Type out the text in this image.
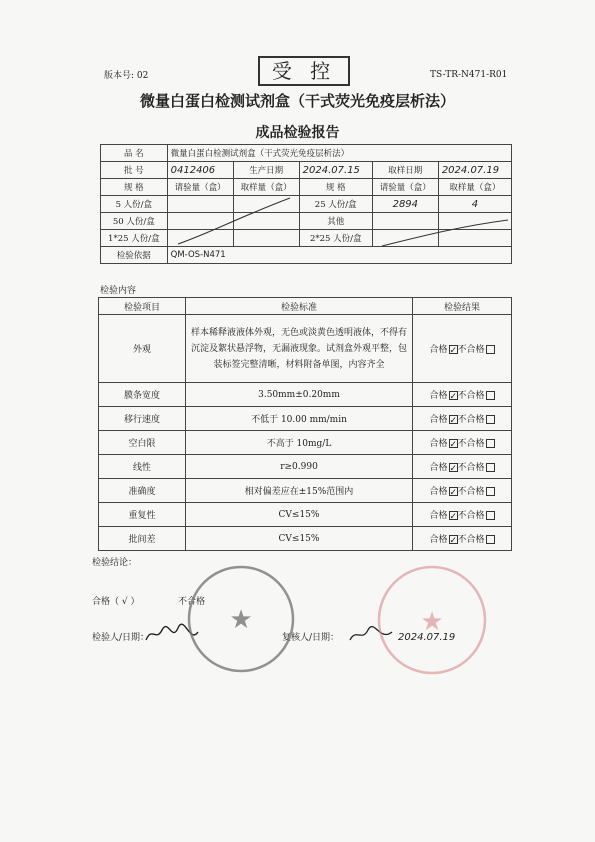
版本号: 02	受 控	TS-TR-N471-R01
微量白蛋白检测试剂盒（干式荧光免疫层析法）
成品检验报告
品 名	微量白蛋白检测试剂盒（干式荧光免疫层析法）				
批 号	0412406	生产日期	2024.07.15	取样日期	2024.07.19
规 格	请验量（盒）	取样量（盒）	规 格	请验量（盒）	取样量（盒）
5 人份/盒			25 人份/盒	2894	4
50 人份/盒			其他		
1*25 人份/盒			2*25 人份/盒		
检验依据	QM-OS-N471				
检验内容
检验项目	检验标准	检验结果
外观	样本稀释液液体外观，无色或淡黄色透明液体，不得有沉淀及絮状悬浮物，无漏液现象。试剂盒外观平整，包装标签完整清晰，材料附备单图，内容齐全	合格 ✓不合格
膜条宽度	3.50mm±0.20mm	合格 ✓不合格
移行速度	不低于 10.00 mm/min	合格 ✓不合格
空白限	不高于 10mg/L	合格 ✓不合格
线性	r≥0.990	合格 ✓不合格
准确度	相对偏差应在±15%范围内	合格 ✓不合格
重复性	CV≤15%	合格 ✓不合格
批间差	CV≤15%	合格 ✓不合格
检验结论：
合格（ √ ）	不合格
检验人/日期：	复核人/日期：	2024.07.19
★	★
